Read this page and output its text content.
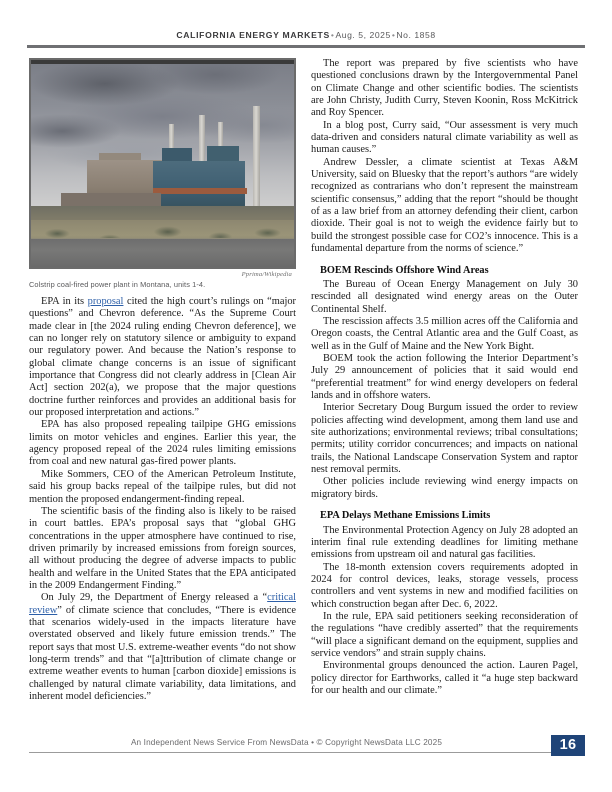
CALIFORNIA ENERGY MARKETS•Aug. 5, 2025•No. 1858
Pprima/Wikipedia
Colstrip coal-fired power plant in Montana, units 1-4.

EPA in its proposal cited the high court’s rulings on “major questions” and Chevron deference. “As the Supreme Court made clear in [the 2024 ruling ending Chevron deference], we can no longer rely on statutory silence or ambiguity to expand our regulatory power. And because the Nation’s response to global climate change concerns is an issue of significant importance that Congress did not clearly address in [Clean Air Act] section 202(a), we propose that the major questions doctrine further reinforces and provides an additional basis for our proposed interpretation and actions.”

EPA has also proposed repealing tailpipe GHG emissions limits on motor vehicles and engines. Earlier this year, the agency proposed repeal of the 2024 rules limiting emissions from coal and new natural gas-fired power plants.

Mike Sommers, CEO of the American Petroleum Institute, said his group backs repeal of the tailpipe rules, but did not mention the proposed endangerment-finding repeal.

The scientific basis of the finding also is likely to be raised in court battles. EPA’s proposal says that “global GHG concentrations in the upper atmosphere have continued to rise, driven primarily by increased emissions from foreign sources, all without producing the degree of adverse impacts to public health and welfare in the United States that the EPA anticipated in the 2009 Endangerment Finding.”

On July 29, the Department of Energy released a “critical review” of climate science that concludes, “There is evidence that scenarios widely-used in the impacts literature have overstated observed and likely future emission trends.” The report says that most U.S. extreme-weather events “do not show long-term trends” and that “[a]ttribution of climate change or extreme weather events to human [carbon dioxide] emissions is challenged by natural climate variability, data limitations, and inherent model deficiencies.”

The report was prepared by five scientists who have questioned conclusions drawn by the Intergovernmental Panel on Climate Change and other scientific bodies. The scientists are John Christy, Judith Curry, Steven Koonin, Ross McKitrick and Roy Spencer.

In a blog post, Curry said, “Our assessment is very much data-driven and considers natural climate variability as well as human causes.”

Andrew Dessler, a climate scientist at Texas A&M University, said on Bluesky that the report’s authors “are widely recognized as contrarians who don’t represent the mainstream scientific consensus,” adding that the report “should be thought of as a law brief from an attorney defending their client, carbon dioxide. Their goal is not to weigh the evidence fairly but to build the strongest possible case for CO2’s innocence. This is a fundamental departure from the norms of science.”

BOEM Rescinds Offshore Wind Areas

The Bureau of Ocean Energy Management on July 30 rescinded all designated wind energy areas on the Outer Continental Shelf.

The rescission affects 3.5 million acres off the California and Oregon coasts, the Central Atlantic area and the Gulf Coast, as well as in the Gulf of Maine and the New York Bight.

BOEM took the action following the Interior Department’s July 29 announcement of policies that it said would end “preferential treatment” for wind energy developers on federal lands and in offshore waters.

Interior Secretary Doug Burgum issued the order to review policies affecting wind development, among them land use and site authorizations; environmental reviews; tribal consultations; permits; utility corridor concurrences; and impacts on national trails, the National Landscape Conservation System and raptor nest removal permits.

Other policies include reviewing wind energy impacts on migratory birds.

EPA Delays Methane Emissions Limits

The Environmental Protection Agency on July 28 adopted an interim final rule extending deadlines for limiting methane emissions from upstream oil and natural gas facilities.

The 18-month extension covers requirements adopted in 2024 for control devices, leaks, storage vessels, process controllers and vent systems in new and modified facilities on which construction began after Dec. 6, 2022.

In the rule, EPA said petitioners seeking reconsideration of the regulations “have credibly asserted” that the requirements “will place a significant demand on the equipment, supplies and service vendors” and strain supply chains.

Environmental groups denounced the action. Lauren Pagel, policy director for Earthworks, called it “a huge step backward for our health and our climate.”

An Independent News Service From NewsData • © Copyright NewsData LLC 2025	16
